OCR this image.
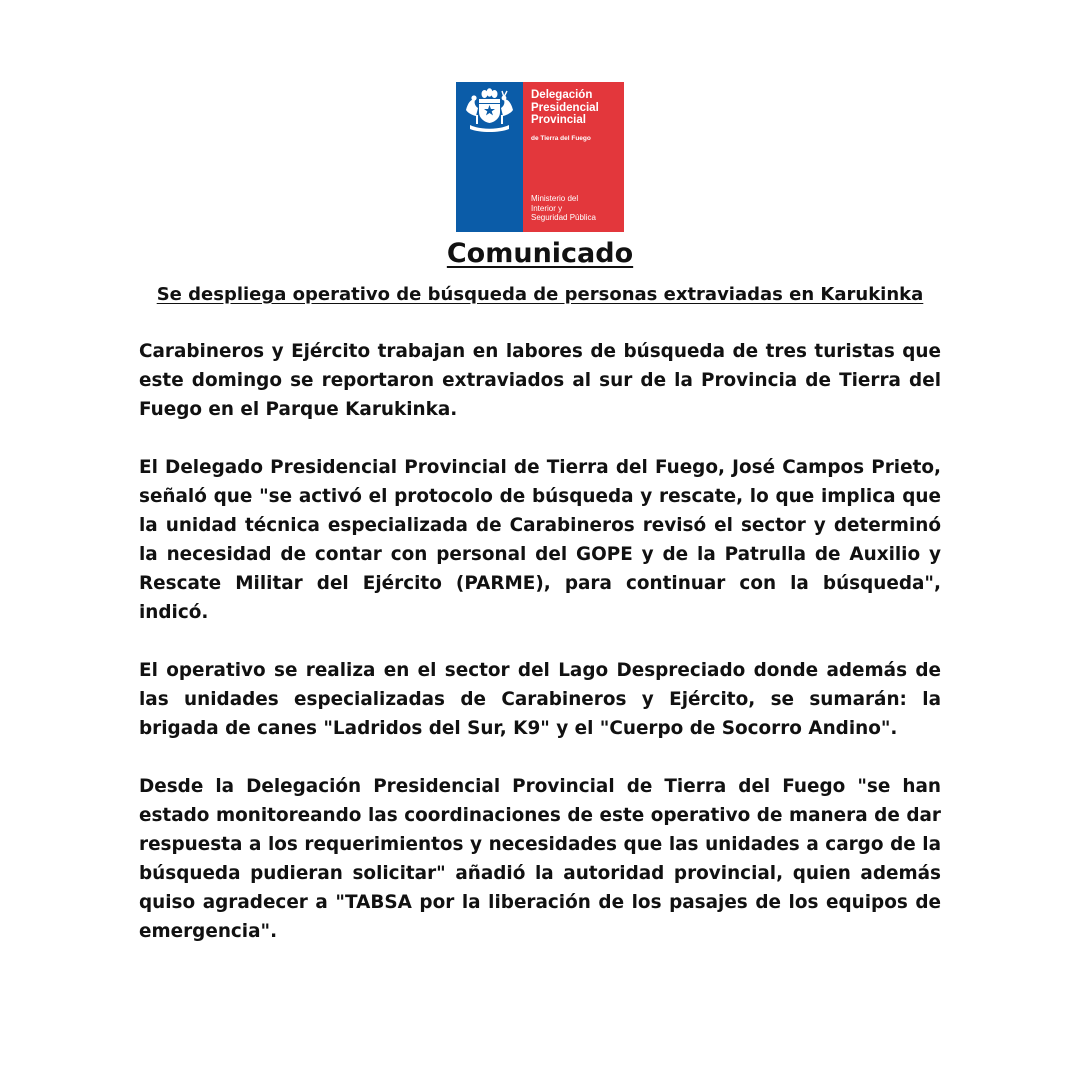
Delegación
Presidencial
Provincial
de Tierra del Fuego
Ministerio del
Interior y
Seguridad Pública
Comunicado
Se despliega operativo de búsqueda de personas extraviadas en Karukinka

Carabineros y Ejército trabajan en labores de búsqueda de tres turistas que este domingo se reportaron extraviados al sur de la Provincia de Tierra del Fuego en el Parque Karukinka.

El Delegado Presidencial Provincial de Tierra del Fuego, José Campos Prieto, señaló que "se activó el protocolo de búsqueda y rescate, lo que implica que la unidad técnica especializada de Carabineros revisó el sector y determinó la necesidad de contar con personal del GOPE y de la Patrulla de Auxilio y Rescate Militar del Ejército (PARME), para continuar con la búsqueda", indicó.

El operativo se realiza en el sector del Lago Despreciado donde además de las unidades especializadas de Carabineros y Ejército, se sumarán: la brigada de canes "Ladridos del Sur, K9" y el "Cuerpo de Socorro Andino".

Desde la Delegación Presidencial Provincial de Tierra del Fuego "se han estado monitoreando las coordinaciones de este operativo de manera de dar respuesta a los requerimientos y necesidades que las unidades a cargo de la búsqueda pudieran solicitar" añadió la autoridad provincial, quien además quiso agradecer a "TABSA por la liberación de los pasajes de los equipos de emergencia".
